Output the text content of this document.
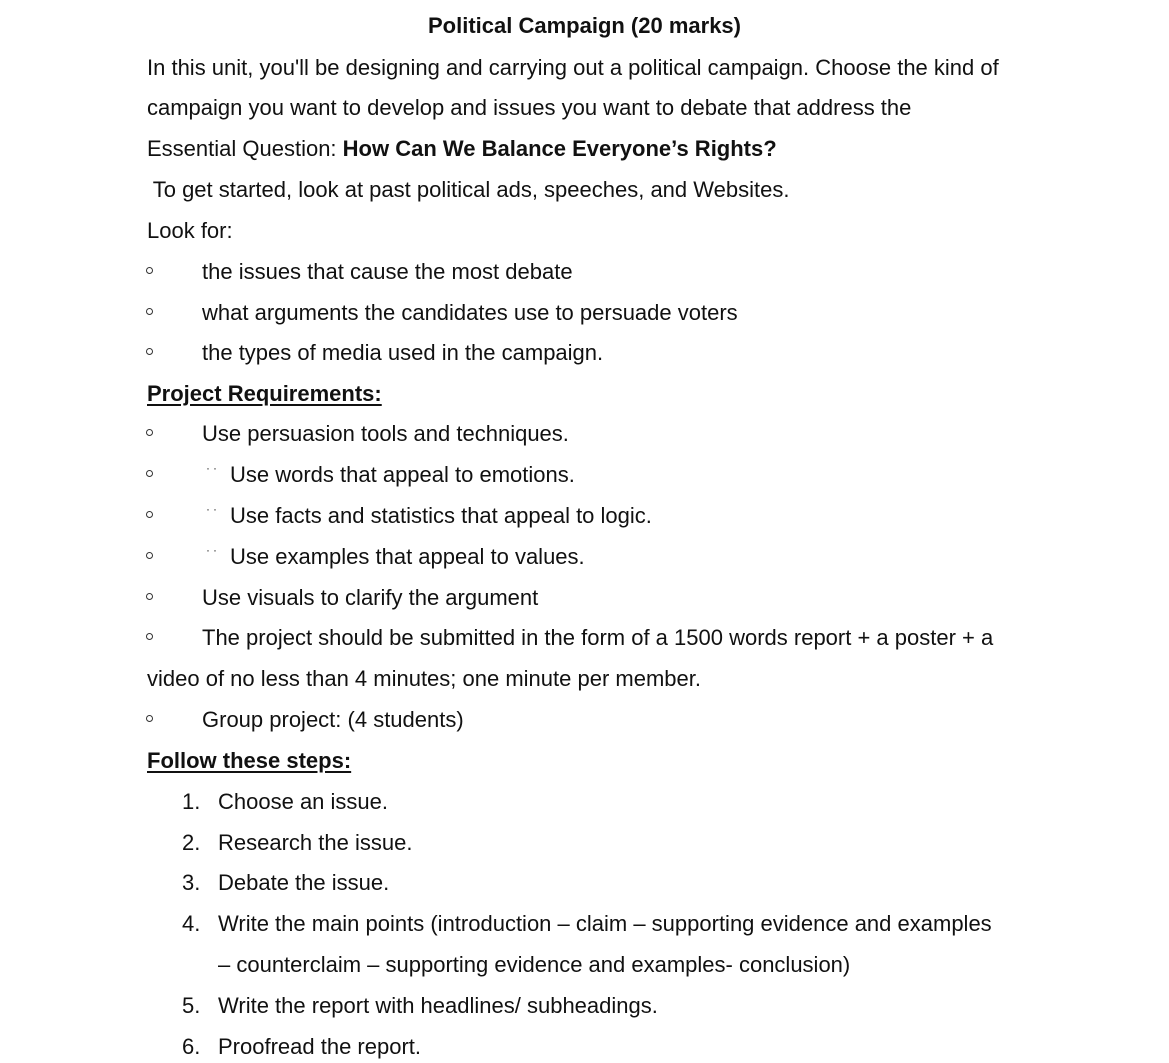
Political Campaign (20 marks)
In this unit, you'll be designing and carrying out a political campaign. Choose the kind of
campaign you want to develop and issues you want to debate that address the
Essential Question: How Can We Balance Everyone’s Rights?
To get started, look at past political ads, speeches, and Websites.
Look for:
the issues that cause the most debate
what arguments the candidates use to persuade voters
the types of media used in the campaign.
Project Requirements:
Use persuasion tools and techniques.
·· Use words that appeal to emotions.
·· Use facts and statistics that appeal to logic.
·· Use examples that appeal to values.
Use visuals to clarify the argument
The project should be submitted in the form of a 1500 words report + a poster + a
video of no less than 4 minutes; one minute per member.
Group project: (4 students)
Follow these steps:
1. Choose an issue.
2. Research the issue.
3. Debate the issue.
4. Write the main points (introduction – claim – supporting evidence and examples
– counterclaim – supporting evidence and examples- conclusion)
5. Write the report with headlines/ subheadings.
6. Proofread the report.
